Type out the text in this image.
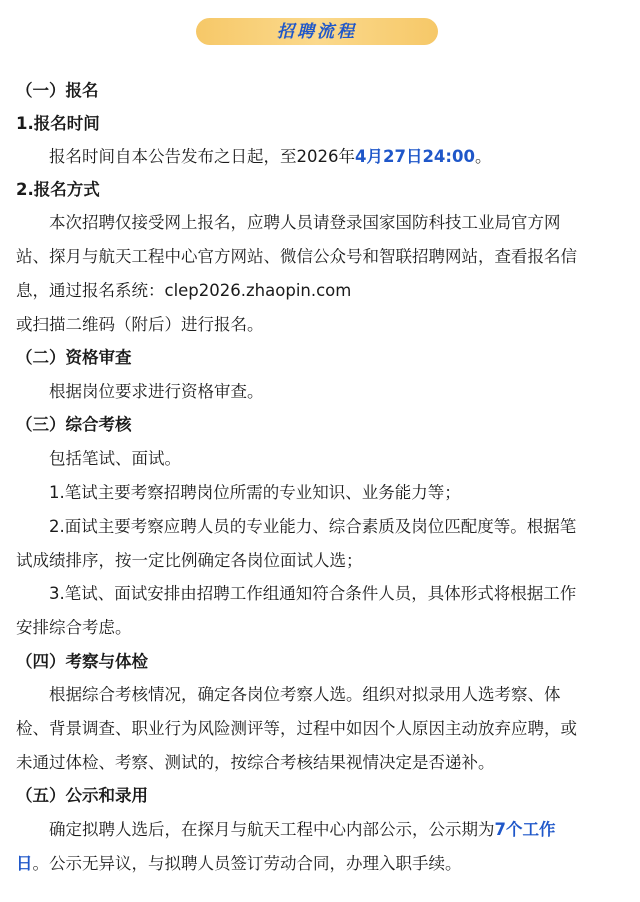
招聘流程
（一）报名
1.报名时间
报名时间自本公告发布之日起，至2026年4月27日24:00。
2.报名方式
本次招聘仅接受网上报名，应聘人员请登录国家国防科技工业局官方网
站、探月与航天工程中心官方网站、微信公众号和智联招聘网站，查看报名信
息，通过报名系统：clep2026.zhaopin.com
或扫描二维码（附后）进行报名。
（二）资格审查
根据岗位要求进行资格审查。
（三）综合考核
包括笔试、面试。
1.笔试主要考察招聘岗位所需的专业知识、业务能力等；
2.面试主要考察应聘人员的专业能力、综合素质及岗位匹配度等。根据笔
试成绩排序，按一定比例确定各岗位面试人选；
3.笔试、面试安排由招聘工作组通知符合条件人员，具体形式将根据工作
安排综合考虑。
（四）考察与体检
根据综合考核情况，确定各岗位考察人选。组织对拟录用人选考察、体
检、背景调查、职业行为风险测评等，过程中如因个人原因主动放弃应聘，或
未通过体检、考察、测试的，按综合考核结果视情决定是否递补。
（五）公示和录用
确定拟聘人选后，在探月与航天工程中心内部公示，公示期为7个工作
日。公示无异议，与拟聘人员签订劳动合同，办理入职手续。
